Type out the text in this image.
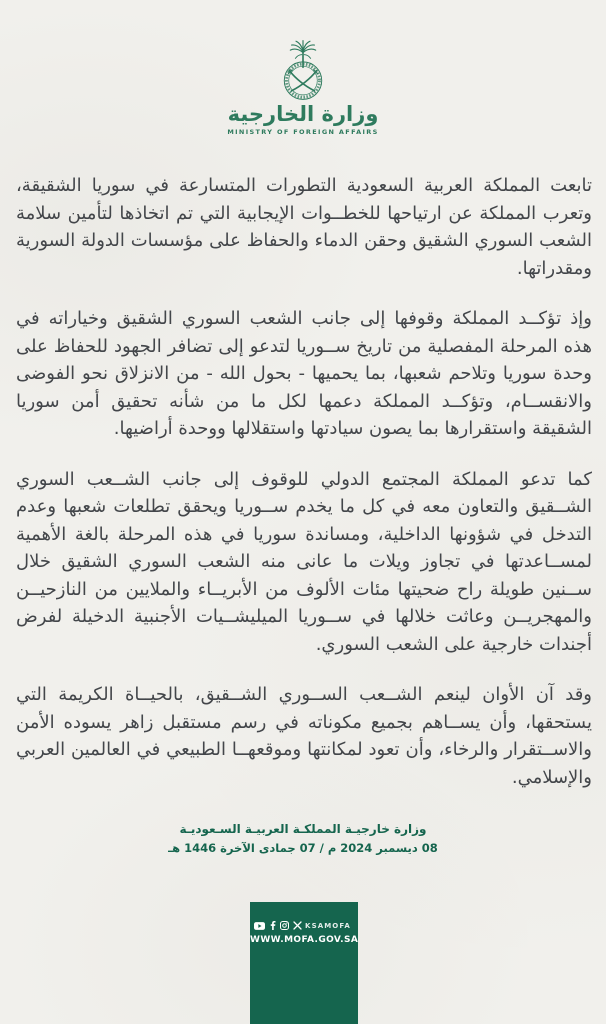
وزارة الخارجية
MINISTRY OF FOREIGN AFFAIRS

تابعت المملكة العربية السعودية التطورات المتسارعة في سوريا الشقيقة، وتعرب المملكة عن ارتياحها للخطــوات الإيجابية التي تم اتخاذها لتأمين سلامة الشعب السوري الشقيق وحقن الدماء والحفاظ على مؤسسات الدولة السورية ومقدراتها.

وإذ تؤكــد المملكة وقوفها إلى جانب الشعب السوري الشقيق وخياراته في هذه المرحلة المفصلية من تاريخ ســوريا لتدعو إلى تضافر الجهود للحفاظ على وحدة سوريا وتلاحم شعبها، بما يحميها - بحول الله - من الانزلاق نحو الفوضى والانقســام، وتؤكــد المملكة دعمها لكل ما من شأنه تحقيق أمن سوريا الشقيقة واستقرارها بما يصون سيادتها واستقلالها ووحدة أراضيها.

كما تدعو المملكة المجتمع الدولي للوقوف إلى جانب الشــعب السوري الشــقيق والتعاون معه في كل ما يخدم ســوريا ويحقق تطلعات شعبها وعدم التدخل في شؤونها الداخلية، ومساندة سوريا في هذه المرحلة بالغة الأهمية لمســاعدتها في تجاوز ويلات ما عانى منه الشعب السوري الشقيق خلال ســنين طويلة راح ضحيتها مئات الألوف من الأبريــاء والملايين من النازحيــن والمهجريــن وعاثت خلالها في ســوريا الميليشــيات الأجنبية الدخيلة لفرض أجندات خارجية على الشعب السوري.

وقد آن الأوان لينعم الشــعب الســوري الشــقيق، بالحيــاة الكريمة التي يستحقها، وأن يســاهم بجميع مكوناته في رسم مستقبل زاهر يسوده الأمن والاســتقرار والرخاء، وأن تعود لمكانتها وموقعهــا الطبيعي في العالمين العربي والإسلامي.

وزارة خارجيـة المملكـة العربيـة السـعوديـة
08 ديسمبر 2024 م / 07 جمادى الآخرة 1446 هـ
KSAMOFA
WWW.MOFA.GOV.SA
